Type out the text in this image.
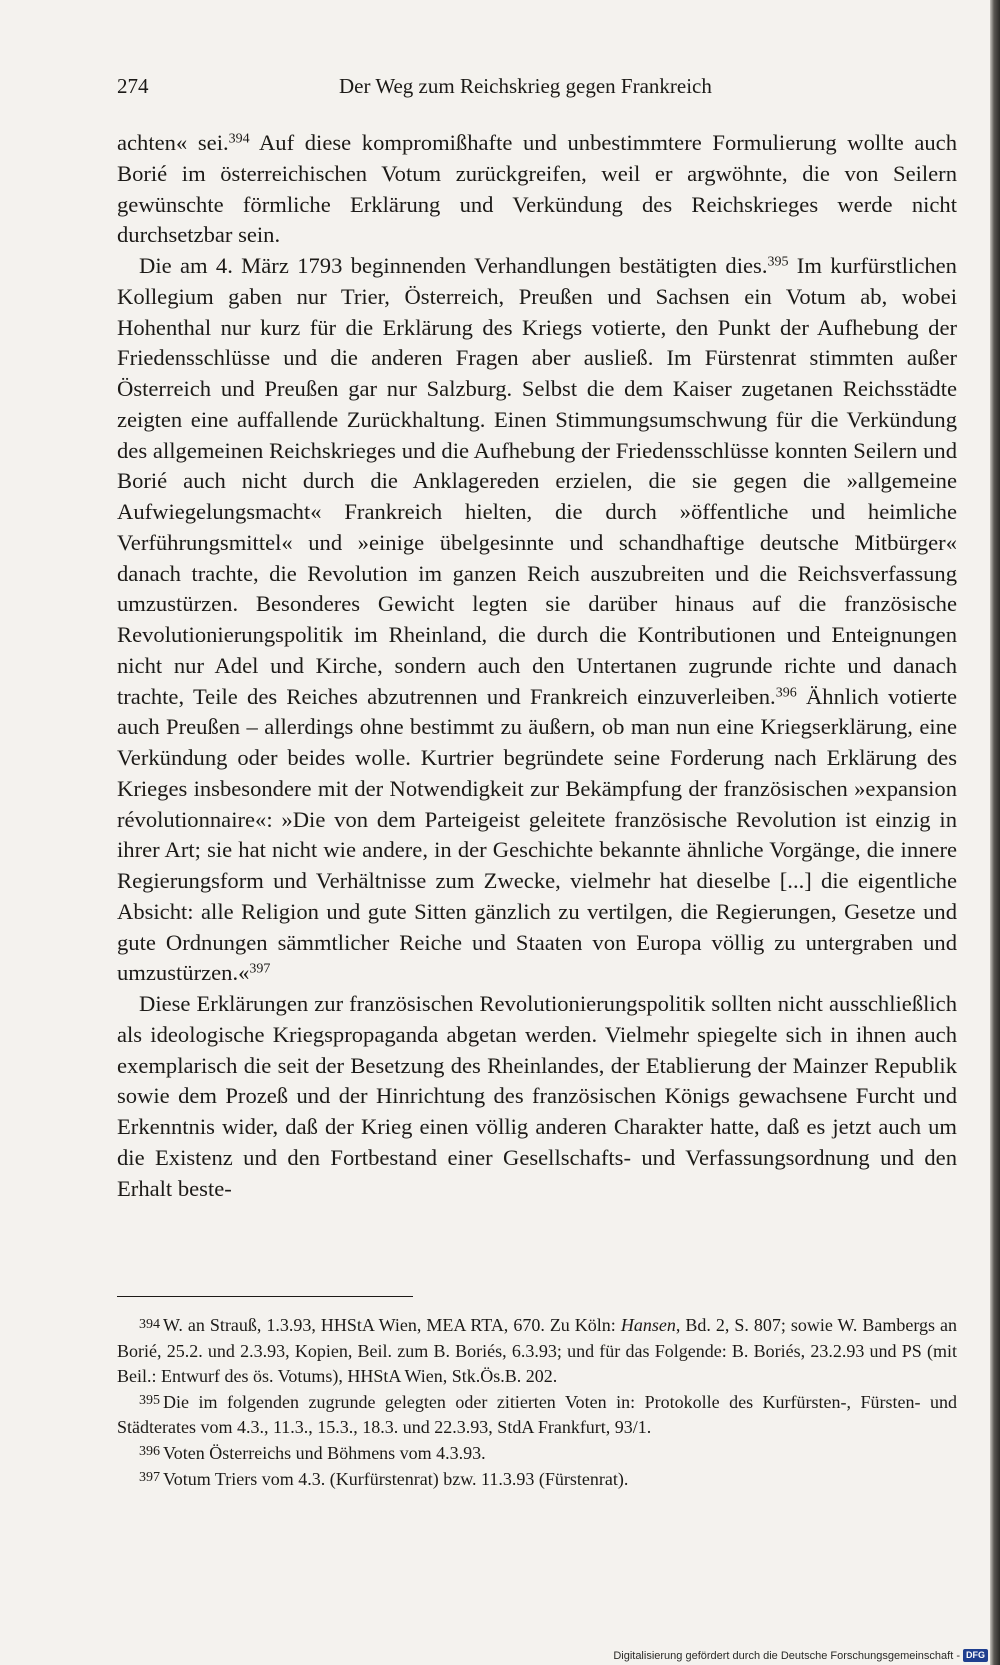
274	Der Weg zum Reichskrieg gegen Frankreich

achten« sei.$^{394}$ Auf diese kompromißhafte und unbestimmtere Formulierung wollte auch Borié im österreichischen Votum zurückgreifen, weil er argwöhnte, die von Seilern gewünschte förmliche Erklärung und Verkündung des Reichskrieges werde nicht durchsetzbar sein.

Die am 4. März 1793 beginnenden Verhandlungen bestätigten dies.$^{395}$ Im kurfürstlichen Kollegium gaben nur Trier, Österreich, Preußen und Sachsen ein Votum ab, wobei Hohenthal nur kurz für die Erklärung des Kriegs votierte, den Punkt der Aufhebung der Friedensschlüsse und die anderen Fragen aber ausließ. Im Fürstenrat stimmten außer Österreich und Preußen gar nur Salzburg. Selbst die dem Kaiser zugetanen Reichsstädte zeigten eine auffallende Zurückhaltung. Einen Stimmungsumschwung für die Verkündung des allgemeinen Reichskrieges und die Aufhebung der Friedensschlüsse konnten Seilern und Borié auch nicht durch die Anklagereden erzielen, die sie gegen die »allgemeine Aufwiegelungsmacht« Frankreich hielten, die durch »öffentliche und heimliche Verführungsmittel« und »einige übelgesinnte und schandhaftige deutsche Mitbürger« danach trachte, die Revolution im ganzen Reich auszubreiten und die Reichsverfassung umzustürzen. Besonderes Gewicht legten sie darüber hinaus auf die französische Revolutionierungspolitik im Rheinland, die durch die Kontributionen und Enteignungen nicht nur Adel und Kirche, sondern auch den Untertanen zugrunde richte und danach trachte, Teile des Reiches abzutrennen und Frankreich einzuverleiben.$^{396}$ Ähnlich votierte auch Preußen – allerdings ohne bestimmt zu äußern, ob man nun eine Kriegserklärung, eine Verkündung oder beides wolle. Kurtrier begründete seine Forderung nach Erklärung des Krieges insbesondere mit der Notwendigkeit zur Bekämpfung der französischen »expansion révolutionnaire«: »Die von dem Parteigeist geleitete französische Revolution ist einzig in ihrer Art; sie hat nicht wie andere, in der Geschichte bekannte ähnliche Vorgänge, die innere Regierungsform und Verhältnisse zum Zwecke, vielmehr hat dieselbe [...] die eigentliche Absicht: alle Religion und gute Sitten gänzlich zu vertilgen, die Regierungen, Gesetze und gute Ordnungen sämmtlicher Reiche und Staaten von Europa völlig zu untergraben und umzustürzen.«$^{397}$

Diese Erklärungen zur französischen Revolutionierungspolitik sollten nicht ausschließlich als ideologische Kriegspropaganda abgetan werden. Vielmehr spiegelte sich in ihnen auch exemplarisch die seit der Besetzung des Rheinlandes, der Etablierung der Mainzer Republik sowie dem Prozeß und der Hinrichtung des französischen Königs gewachsene Furcht und Erkenntnis wider, daß der Krieg einen völlig anderen Charakter hatte, daß es jetzt auch um die Existenz und den Fortbestand einer Gesellschafts- und Verfassungsordnung und den Erhalt beste-

394 W. an Strauß, 1.3.93, HHStA Wien, MEA RTA, 670. Zu Köln: Hansen, Bd. 2, S. 807; sowie W. Bambergs an Borié, 25.2. und 2.3.93, Kopien, Beil. zum B. Boriés, 6.3.93; und für das Folgende: B. Boriés, 23.2.93 und PS (mit Beil.: Entwurf des ös. Votums), HHStA Wien, Stk.Ös.B. 202.

395 Die im folgenden zugrunde gelegten oder zitierten Voten in: Protokolle des Kurfürsten-, Fürsten- und Städterates vom 4.3., 11.3., 15.3., 18.3. und 22.3.93, StdA Frankfurt, 93/1.

396 Voten Österreichs und Böhmens vom 4.3.93.

397 Votum Triers vom 4.3. (Kurfürstenrat) bzw. 11.3.93 (Fürstenrat).

Digitalisierung gefördert durch die Deutsche Forschungsgemeinschaft - DFG
